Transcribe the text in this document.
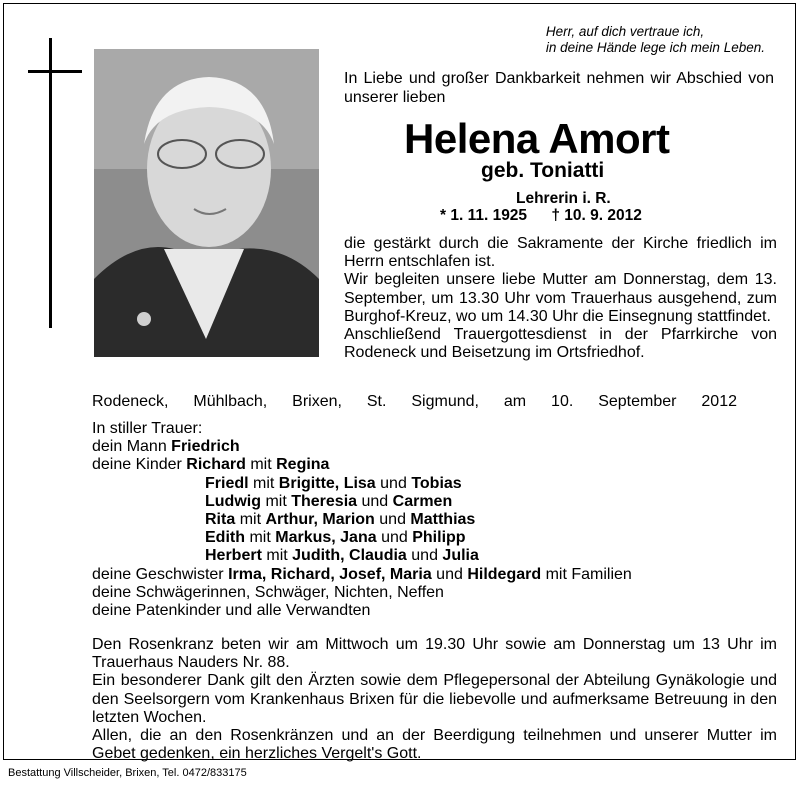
Herr, auf dich vertraue ich,
in deine Hände lege ich mein Leben.
In Liebe und großer Dankbarkeit nehmen wir Abschied von unserer lieben
Helena Amort
geb. Toniatti
Lehrerin i. R.
* 1. 11. 1925 † 10. 9. 2012

die gestärkt durch die Sakramente der Kirche friedlich im Herrn entschlafen ist.

Wir begleiten unsere liebe Mutter am Donnerstag, dem 13. September, um 13.30 Uhr vom Trauerhaus ausgehend, zum Burghof-Kreuz, wo um 14.30 Uhr die Einsegnung stattfindet.

Anschließend Trauergottesdienst in der Pfarrkirche von Rodeneck und Beisetzung im Ortsfriedhof.

Rodeneck, Mühlbach, Brixen, St. Sigmund, am 10. September 2012
In stiller Trauer:
dein Mann Friedrich
deine Kinder Richard mit Regina
Friedl mit Brigitte, Lisa und Tobias
Ludwig mit Theresia und Carmen
Rita mit Arthur, Marion und Matthias
Edith mit Markus, Jana und Philipp
Herbert mit Judith, Claudia und Julia
deine Geschwister Irma, Richard, Josef, Maria und Hildegard mit Familien
deine Schwägerinnen, Schwäger, Nichten, Neffen
deine Patenkinder und alle Verwandten

Den Rosenkranz beten wir am Mittwoch um 19.30 Uhr sowie am Donnerstag um 13 Uhr im Trauerhaus Nauders Nr. 88.

Ein besonderer Dank gilt den Ärzten sowie dem Pflegepersonal der Abteilung Gynäkologie und den Seelsorgern vom Krankenhaus Brixen für die liebevolle und aufmerksame Betreuung in den letzten Wochen.

Allen, die an den Rosenkränzen und an der Beerdigung teilnehmen und unserer Mutter im Gebet gedenken, ein herzliches Vergelt's Gott.

Bestattung Villscheider, Brixen, Tel. 0472/833175
